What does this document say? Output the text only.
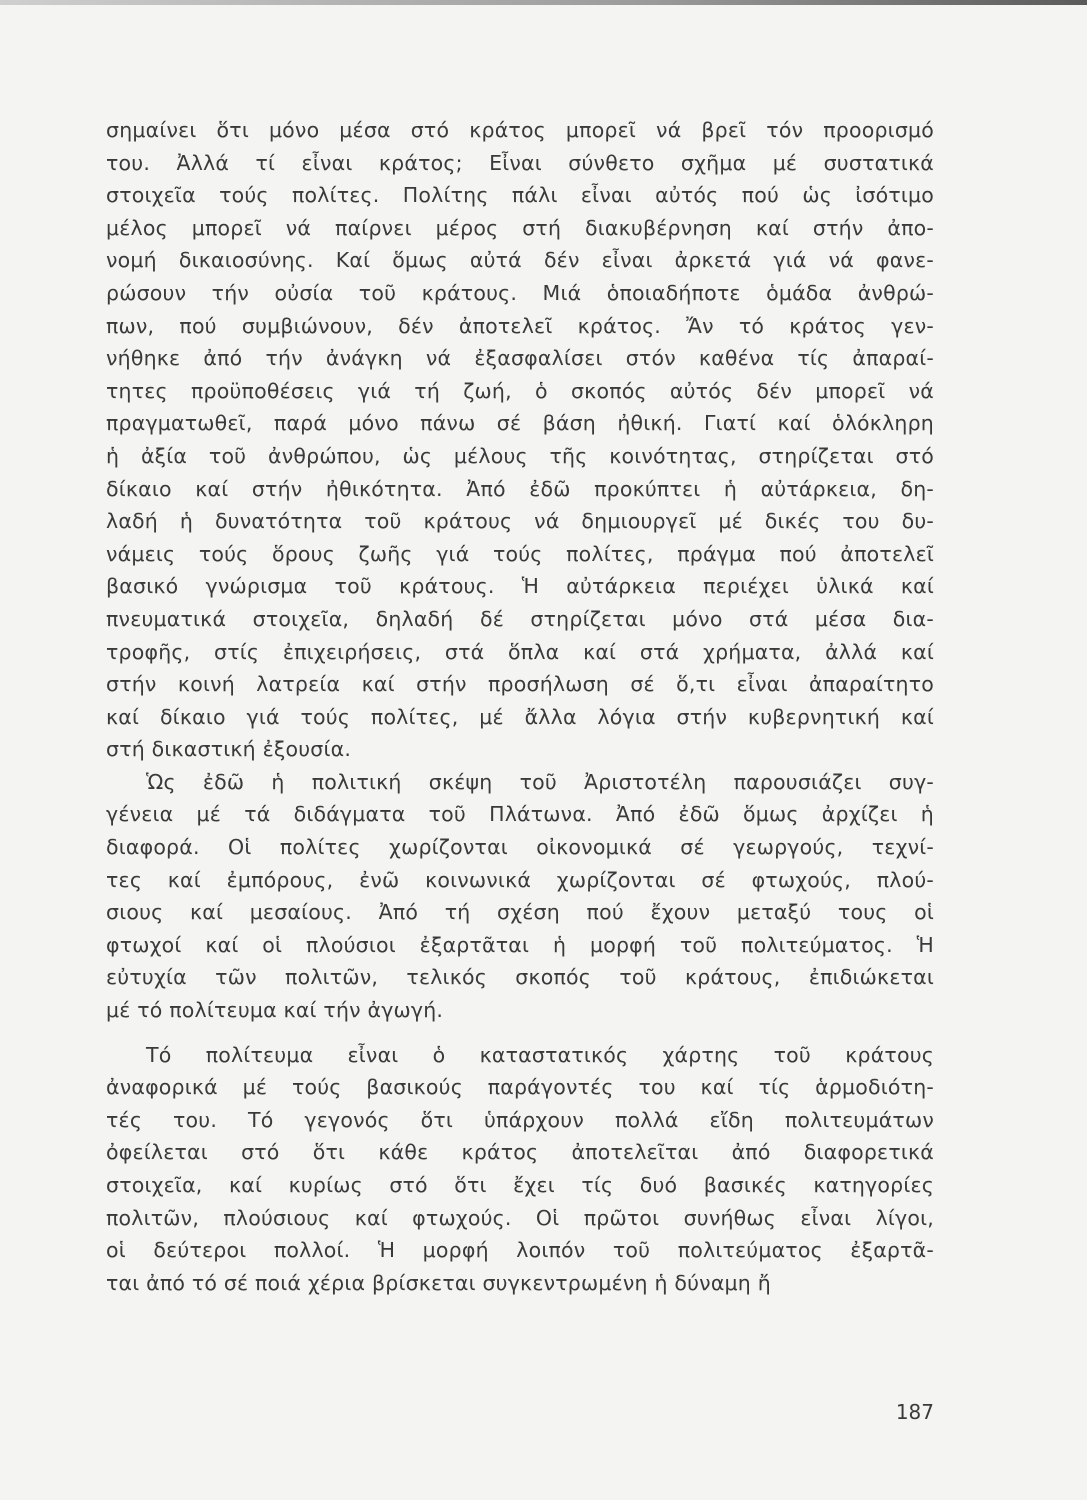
σημαίνει ὅτι μόνο μέσα στό κράτος μπορεῖ νά βρεῖ τόν προορισμό
του. Ἀλλά τί εἶναι κράτος; Εἶναι σύνθετο σχῆμα μέ συστατικά
στοιχεῖα τούς πολίτες. Πολίτης πάλι εἶναι αὐτός πού ὡς ἰσότιμο
μέλος μπορεῖ νά παίρνει μέρος στή διακυβέρνηση καί στήν ἀπο-
νομή δικαιοσύνης. Καί ὅμως αὐτά δέν εἶναι ἀρκετά γιά νά φανε-
ρώσουν τήν οὐσία τοῦ κράτους. Μιά ὁποιαδήποτε ὁμάδα ἀνθρώ-
πων, πού συμβιώνουν, δέν ἀποτελεῖ κράτος. Ἄν τό κράτος γεν-
νήθηκε ἀπό τήν ἀνάγκη νά ἐξασφαλίσει στόν καθένα τίς ἀπαραί-
τητες προϋποθέσεις γιά τή ζωή, ὁ σκοπός αὐτός δέν μπορεῖ νά
πραγματωθεῖ, παρά μόνο πάνω σέ βάση ἠθική. Γιατί καί ὁλόκληρη
ἡ ἀξία τοῦ ἀνθρώπου, ὡς μέλους τῆς κοινότητας, στηρίζεται στό
δίκαιο καί στήν ἠθικότητα. Ἀπό ἐδῶ προκύπτει ἡ αὐτάρκεια, δη-
λαδή ἡ δυνατότητα τοῦ κράτους νά δημιουργεῖ μέ δικές του δυ-
νάμεις τούς ὅρους ζωῆς γιά τούς πολίτες, πράγμα πού ἀποτελεῖ
βασικό γνώρισμα τοῦ κράτους. Ἡ αὐτάρκεια περιέχει ὑλικά καί
πνευματικά στοιχεῖα, δηλαδή δέ στηρίζεται μόνο στά μέσα δια-
τροφῆς, στίς ἐπιχειρήσεις, στά ὅπλα καί στά χρήματα, ἀλλά καί
στήν κοινή λατρεία καί στήν προσήλωση σέ ὅ,τι εἶναι ἀπαραίτητο
καί δίκαιο γιά τούς πολίτες, μέ ἄλλα λόγια στήν κυβερνητική καί
στή δικαστική ἐξουσία.
Ὡς ἐδῶ ἡ πολιτική σκέψη τοῦ Ἀριστοτέλη παρουσιάζει συγ-
γένεια μέ τά διδάγματα τοῦ Πλάτωνα. Ἀπό ἐδῶ ὅμως ἀρχίζει ἡ
διαφορά. Οἱ πολίτες χωρίζονται οἰκονομικά σέ γεωργούς, τεχνί-
τες καί ἐμπόρους, ἐνῶ κοινωνικά χωρίζονται σέ φτωχούς, πλού-
σιους καί μεσαίους. Ἀπό τή σχέση πού ἔχουν μεταξύ τους οἱ
φτωχοί καί οἱ πλούσιοι ἐξαρτᾶται ἡ μορφή τοῦ πολιτεύματος. Ἡ
εὐτυχία τῶν πολιτῶν, τελικός σκοπός τοῦ κράτους, ἐπιδιώκεται
μέ τό πολίτευμα καί τήν ἀγωγή.
Τό πολίτευμα εἶναι ὁ καταστατικός χάρτης τοῦ κράτους
ἀναφορικά μέ τούς βασικούς παράγοντές του καί τίς ἁρμοδιότη-
τές του. Τό γεγονός ὅτι ὑπάρχουν πολλά εἴδη πολιτευμάτων
ὀφείλεται στό ὅτι κάθε κράτος ἀποτελεῖται ἀπό διαφορετικά
στοιχεῖα, καί κυρίως στό ὅτι ἔχει τίς δυό βασικές κατηγορίες
πολιτῶν, πλούσιους καί φτωχούς. Οἱ πρῶτοι συνήθως εἶναι λίγοι,
οἱ δεύτεροι πολλοί. Ἡ μορφή λοιπόν τοῦ πολιτεύματος ἐξαρτᾶ-
ται ἀπό τό σέ ποιά χέρια βρίσκεται συγκεντρωμένη ἡ δύναμη ἤ
187
